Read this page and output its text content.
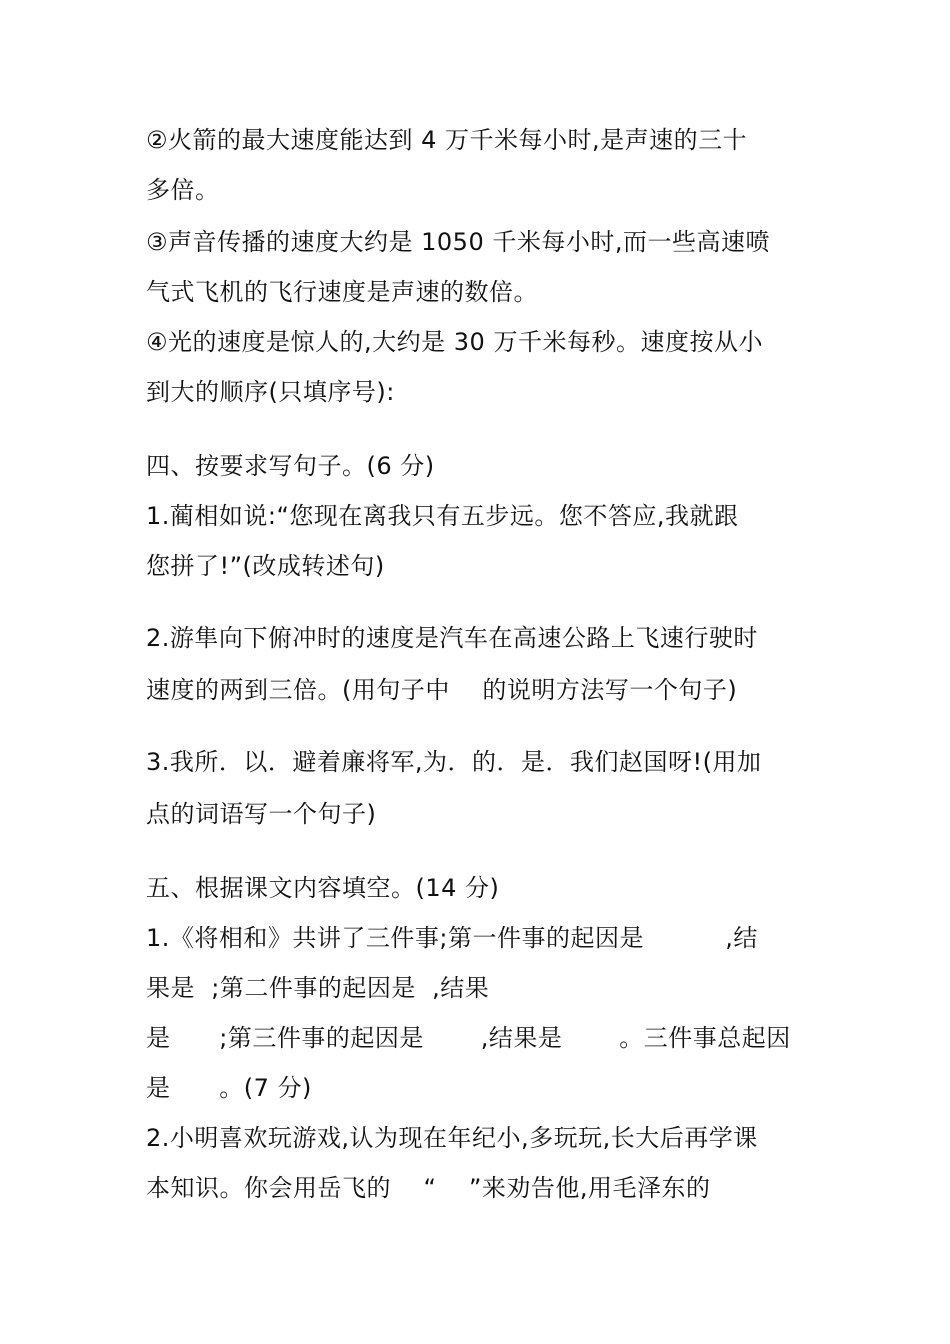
②火箭的最大速度能达到 4 万千米每小时,是声速的三十
多倍。
③声音传播的速度大约是 1050 千米每小时,而一些高速喷
气式飞机的飞行速度是声速的数倍。
④光的速度是惊人的,大约是 30 万千米每秒。速度按从小
到大的顺序(只填序号):
四、按要求写句子。(6 分)
1.蔺相如说:“您现在离我只有五步远。您不答应,我就跟
您拼了!”(改成转述句)
2.游隼向下俯冲时的速度是汽车在高速公路上飞速行驶时
速度的两到三倍。(用句子中    的说明方法写一个句子)
3.我所．以．避着廉将军,为．的．是．我们赵国呀!(用加
点的词语写一个句子)
五、根据课文内容填空。(14 分)
1.《将相和》共讲了三件事;第一件事的起因是          ,结
果是  ;第二件事的起因是  ,结果
是      ;第三件事的起因是       ,结果是       。三件事总起因
是      。(7 分)
2.小明喜欢玩游戏,认为现在年纪小,多玩玩,长大后再学课
本知识。你会用岳飞的    “    ”来劝告他,用毛泽东的
